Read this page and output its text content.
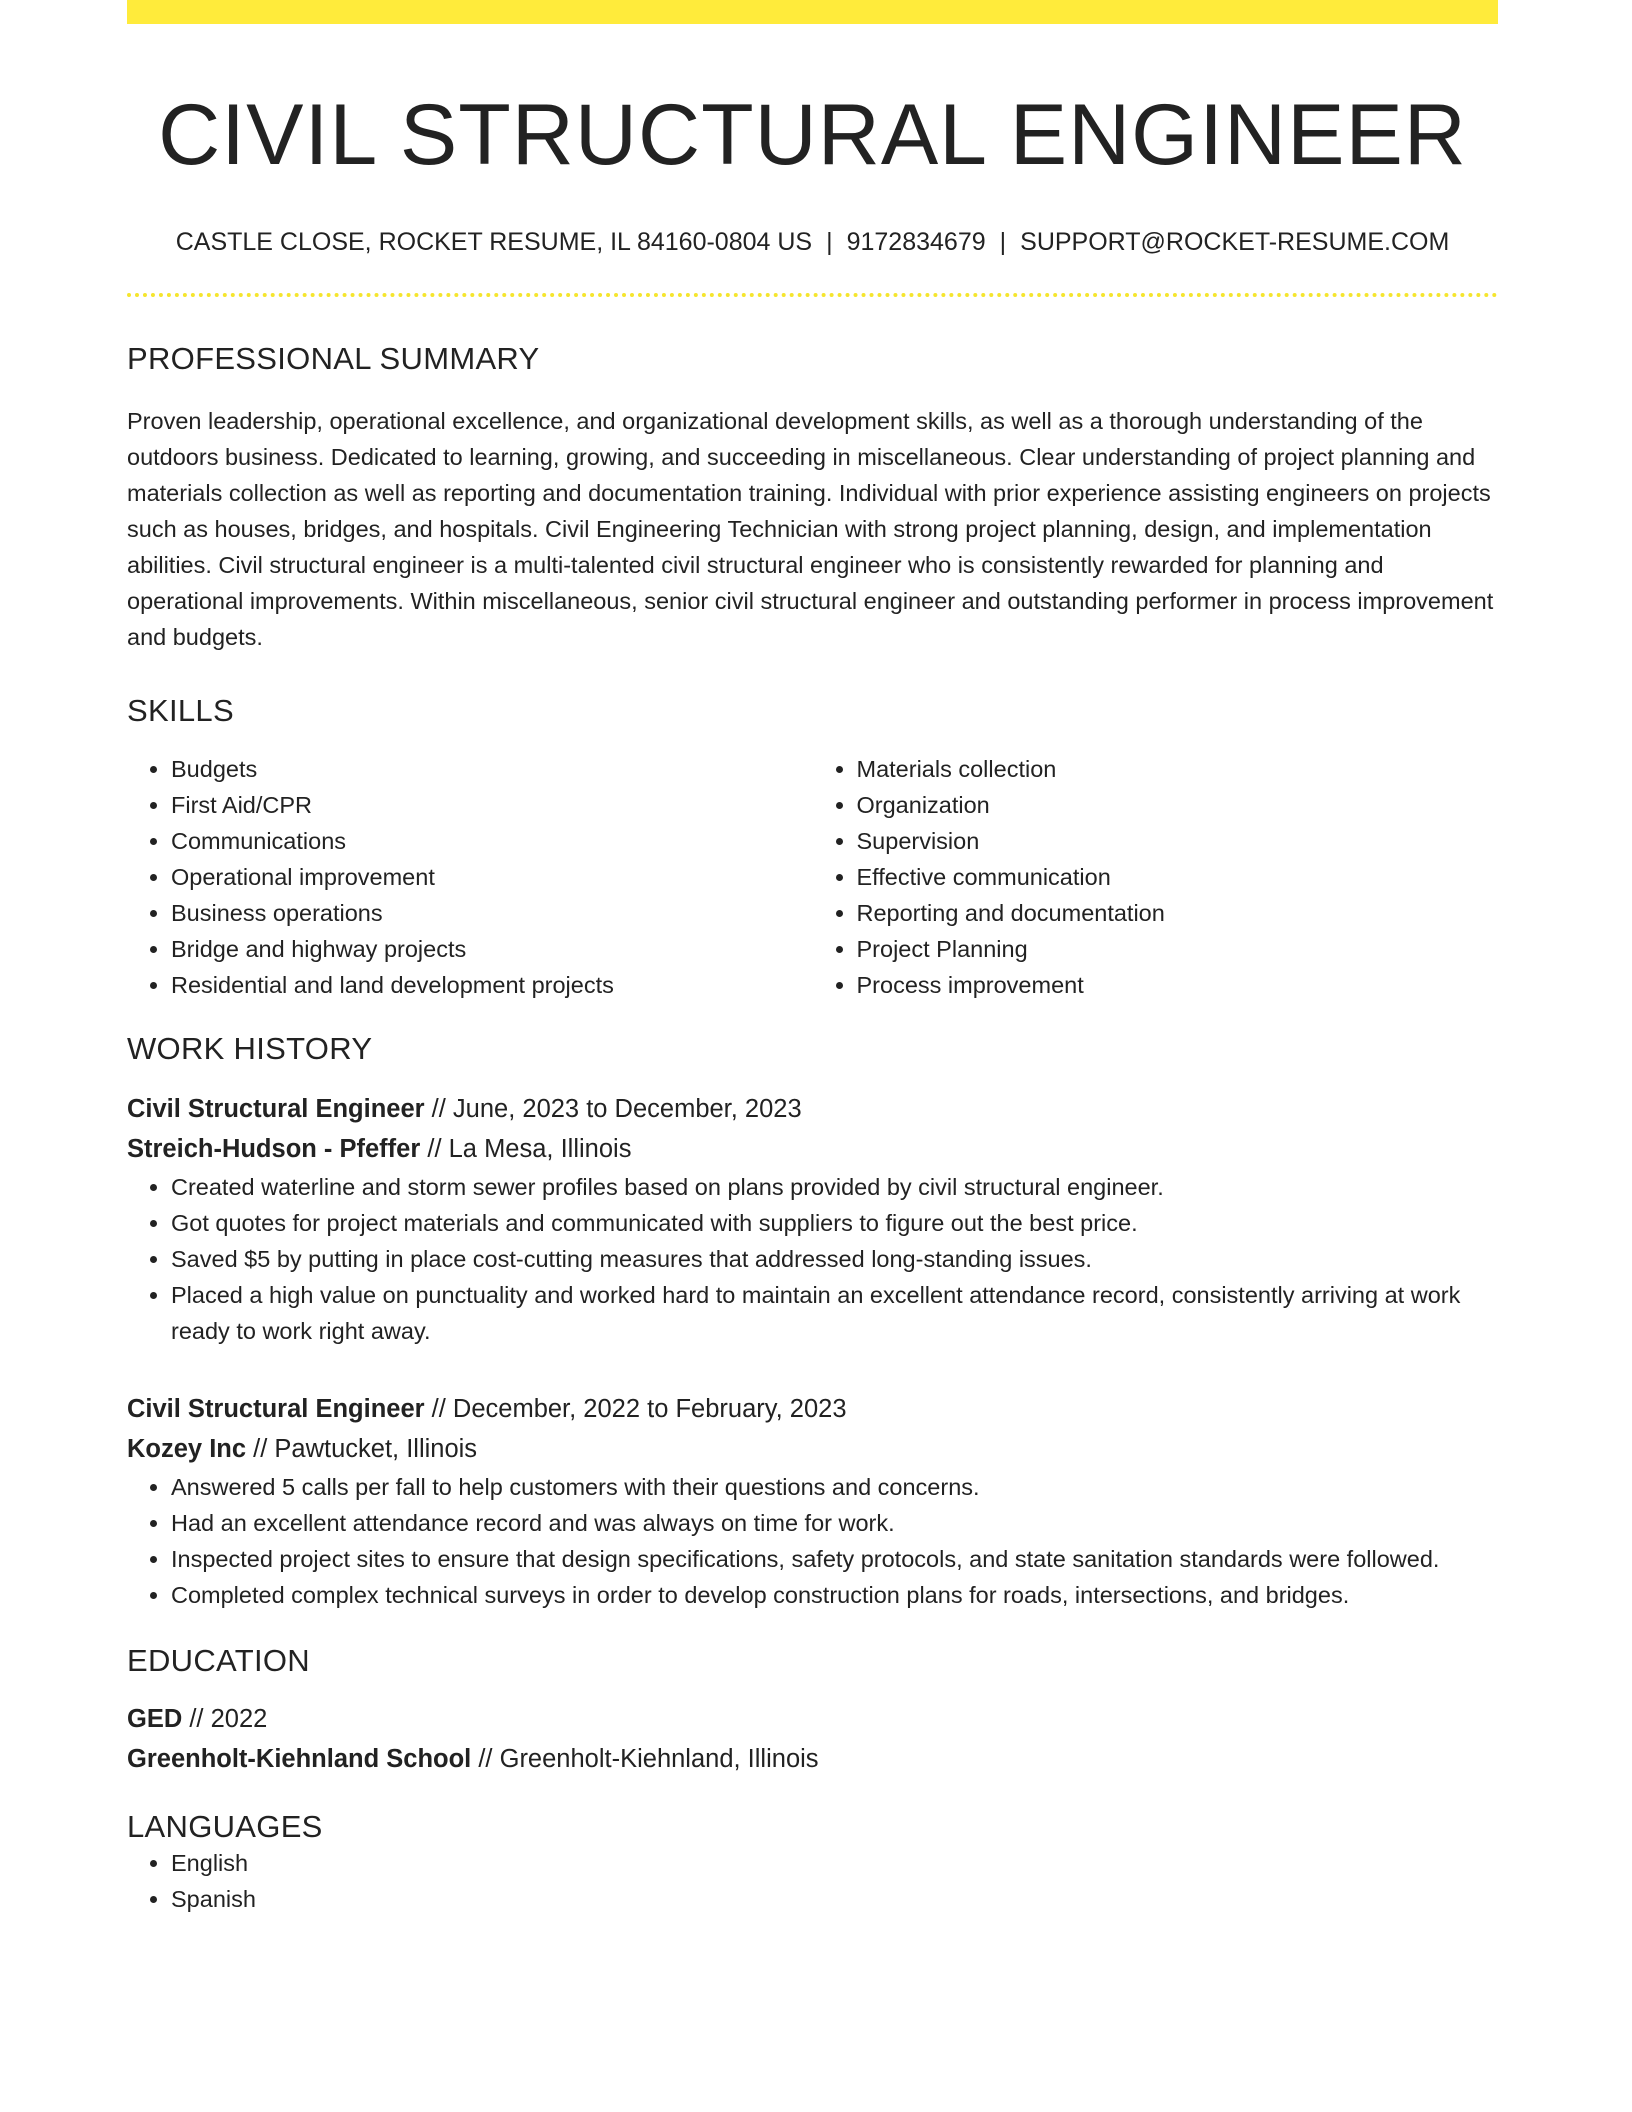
CIVIL STRUCTURAL ENGINEER
CASTLE CLOSE, ROCKET RESUME, IL 84160-0804 US | 9172834679 | SUPPORT@ROCKET-RESUME.COM
PROFESSIONAL SUMMARY

Proven leadership, operational excellence, and organizational development skills, as well as a thorough understanding of the outdoors business. Dedicated to learning, growing, and succeeding in miscellaneous. Clear understanding of project planning and materials collection as well as reporting and documentation training. Individual with prior experience assisting engineers on projects such as houses, bridges, and hospitals. Civil Engineering Technician with strong project planning, design, and implementation abilities. Civil structural engineer is a multi-talented civil structural engineer who is consistently rewarded for planning and operational improvements. Within miscellaneous, senior civil structural engineer and outstanding performer in process improvement and budgets.

SKILLS
• Budgets
• First Aid/CPR
• Communications
• Operational improvement
• Business operations
• Bridge and highway projects
• Residential and land development projects
• Materials collection
• Organization
• Supervision
• Effective communication
• Reporting and documentation
• Project Planning
• Process improvement
WORK HISTORY
Civil Structural Engineer // June, 2023 to December, 2023
Streich-Hudson - Pfeffer // La Mesa, Illinois
• Created waterline and storm sewer profiles based on plans provided by civil structural engineer.
• Got quotes for project materials and communicated with suppliers to figure out the best price.
• Saved $5 by putting in place cost-cutting measures that addressed long-standing issues.
• Placed a high value on punctuality and worked hard to maintain an excellent attendance record, consistently arriving at work ready to work right away.
Civil Structural Engineer // December, 2022 to February, 2023
Kozey Inc // Pawtucket, Illinois
• Answered 5 calls per fall to help customers with their questions and concerns.
• Had an excellent attendance record and was always on time for work.
• Inspected project sites to ensure that design specifications, safety protocols, and state sanitation standards were followed.
• Completed complex technical surveys in order to develop construction plans for roads, intersections, and bridges.
EDUCATION
GED // 2022
Greenholt-Kiehnland School // Greenholt-Kiehnland, Illinois
LANGUAGES
• English
• Spanish
